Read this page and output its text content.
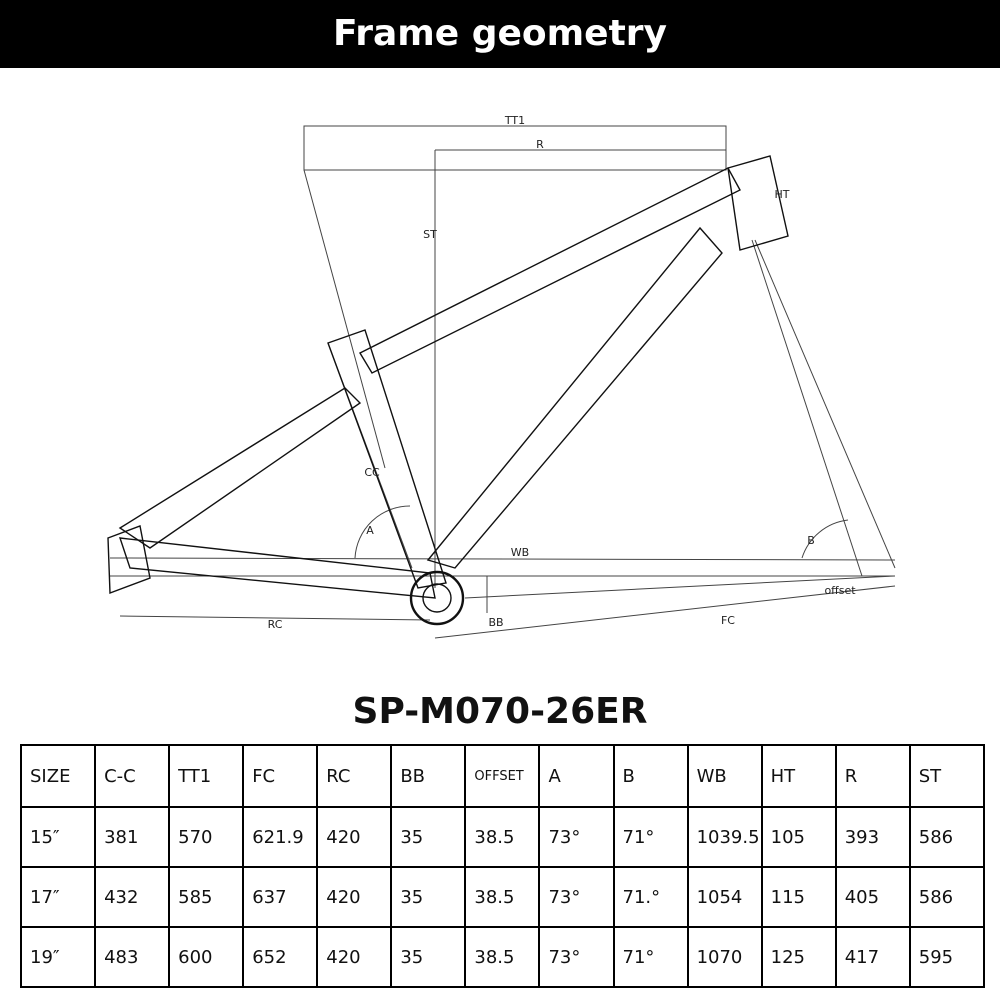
Frame geometry
TT1
R
ST
HT
CC
A
B
WB
offset
RC	BB	FC
SP-M070-26ER
SIZE	C-C	TT1	FC	RC	BB	OFFSET	A	B	WB	HT	R	ST
15″	381	570	621.9	420	35	38.5	73°	71°	1039.5	105	393	586
17″	432	585	637	420	35	38.5	73°	71.°	1054	115	405	586
19″	483	600	652	420	35	38.5	73°	71°	1070	125	417	595
